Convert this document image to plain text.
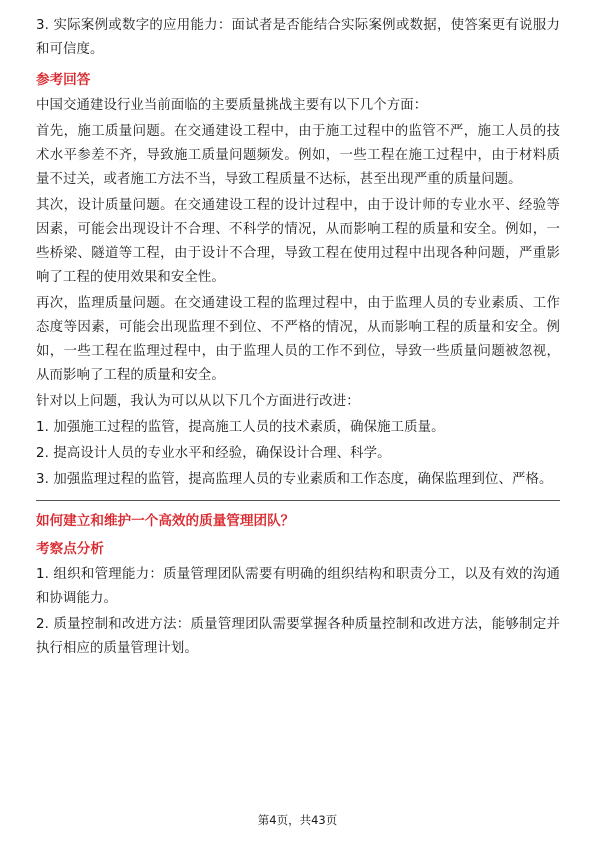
3. 实际案例或数字的应用能力：面试者是否能结合实际案例或数据，使答案更有说服力和可信度。

参考回答

中国交通建设行业当前面临的主要质量挑战主要有以下几个方面：

首先，施工质量问题。在交通建设工程中，由于施工过程中的监管不严，施工人员的技术水平参差不齐，导致施工质量问题频发。例如，一些工程在施工过程中，由于材料质量不过关，或者施工方法不当，导致工程质量不达标，甚至出现严重的质量问题。

其次，设计质量问题。在交通建设工程的设计过程中，由于设计师的专业水平、经验等因素，可能会出现设计不合理、不科学的情况，从而影响工程的质量和安全。例如，一些桥梁、隧道等工程，由于设计不合理，导致工程在使用过程中出现各种问题，严重影响了工程的使用效果和安全性。

再次，监理质量问题。在交通建设工程的监理过程中，由于监理人员的专业素质、工作态度等因素，可能会出现监理不到位、不严格的情况，从而影响工程的质量和安全。例如，一些工程在监理过程中，由于监理人员的工作不到位，导致一些质量问题被忽视，从而影响了工程的质量和安全。

针对以上问题，我认为可以从以下几个方面进行改进：

1. 加强施工过程的监管，提高施工人员的技术素质，确保施工质量。

2. 提高设计人员的专业水平和经验，确保设计合理、科学。

3. 加强监理过程的监管，提高监理人员的专业素质和工作态度，确保监理到位、严格。

如何建立和维护一个高效的质量管理团队？

考察点分析

1. 组织和管理能力：质量管理团队需要有明确的组织结构和职责分工，以及有效的沟通和协调能力。

2. 质量控制和改进方法：质量管理团队需要掌握各种质量控制和改进方法，能够制定并执行相应的质量管理计划。

第4页，共43页
